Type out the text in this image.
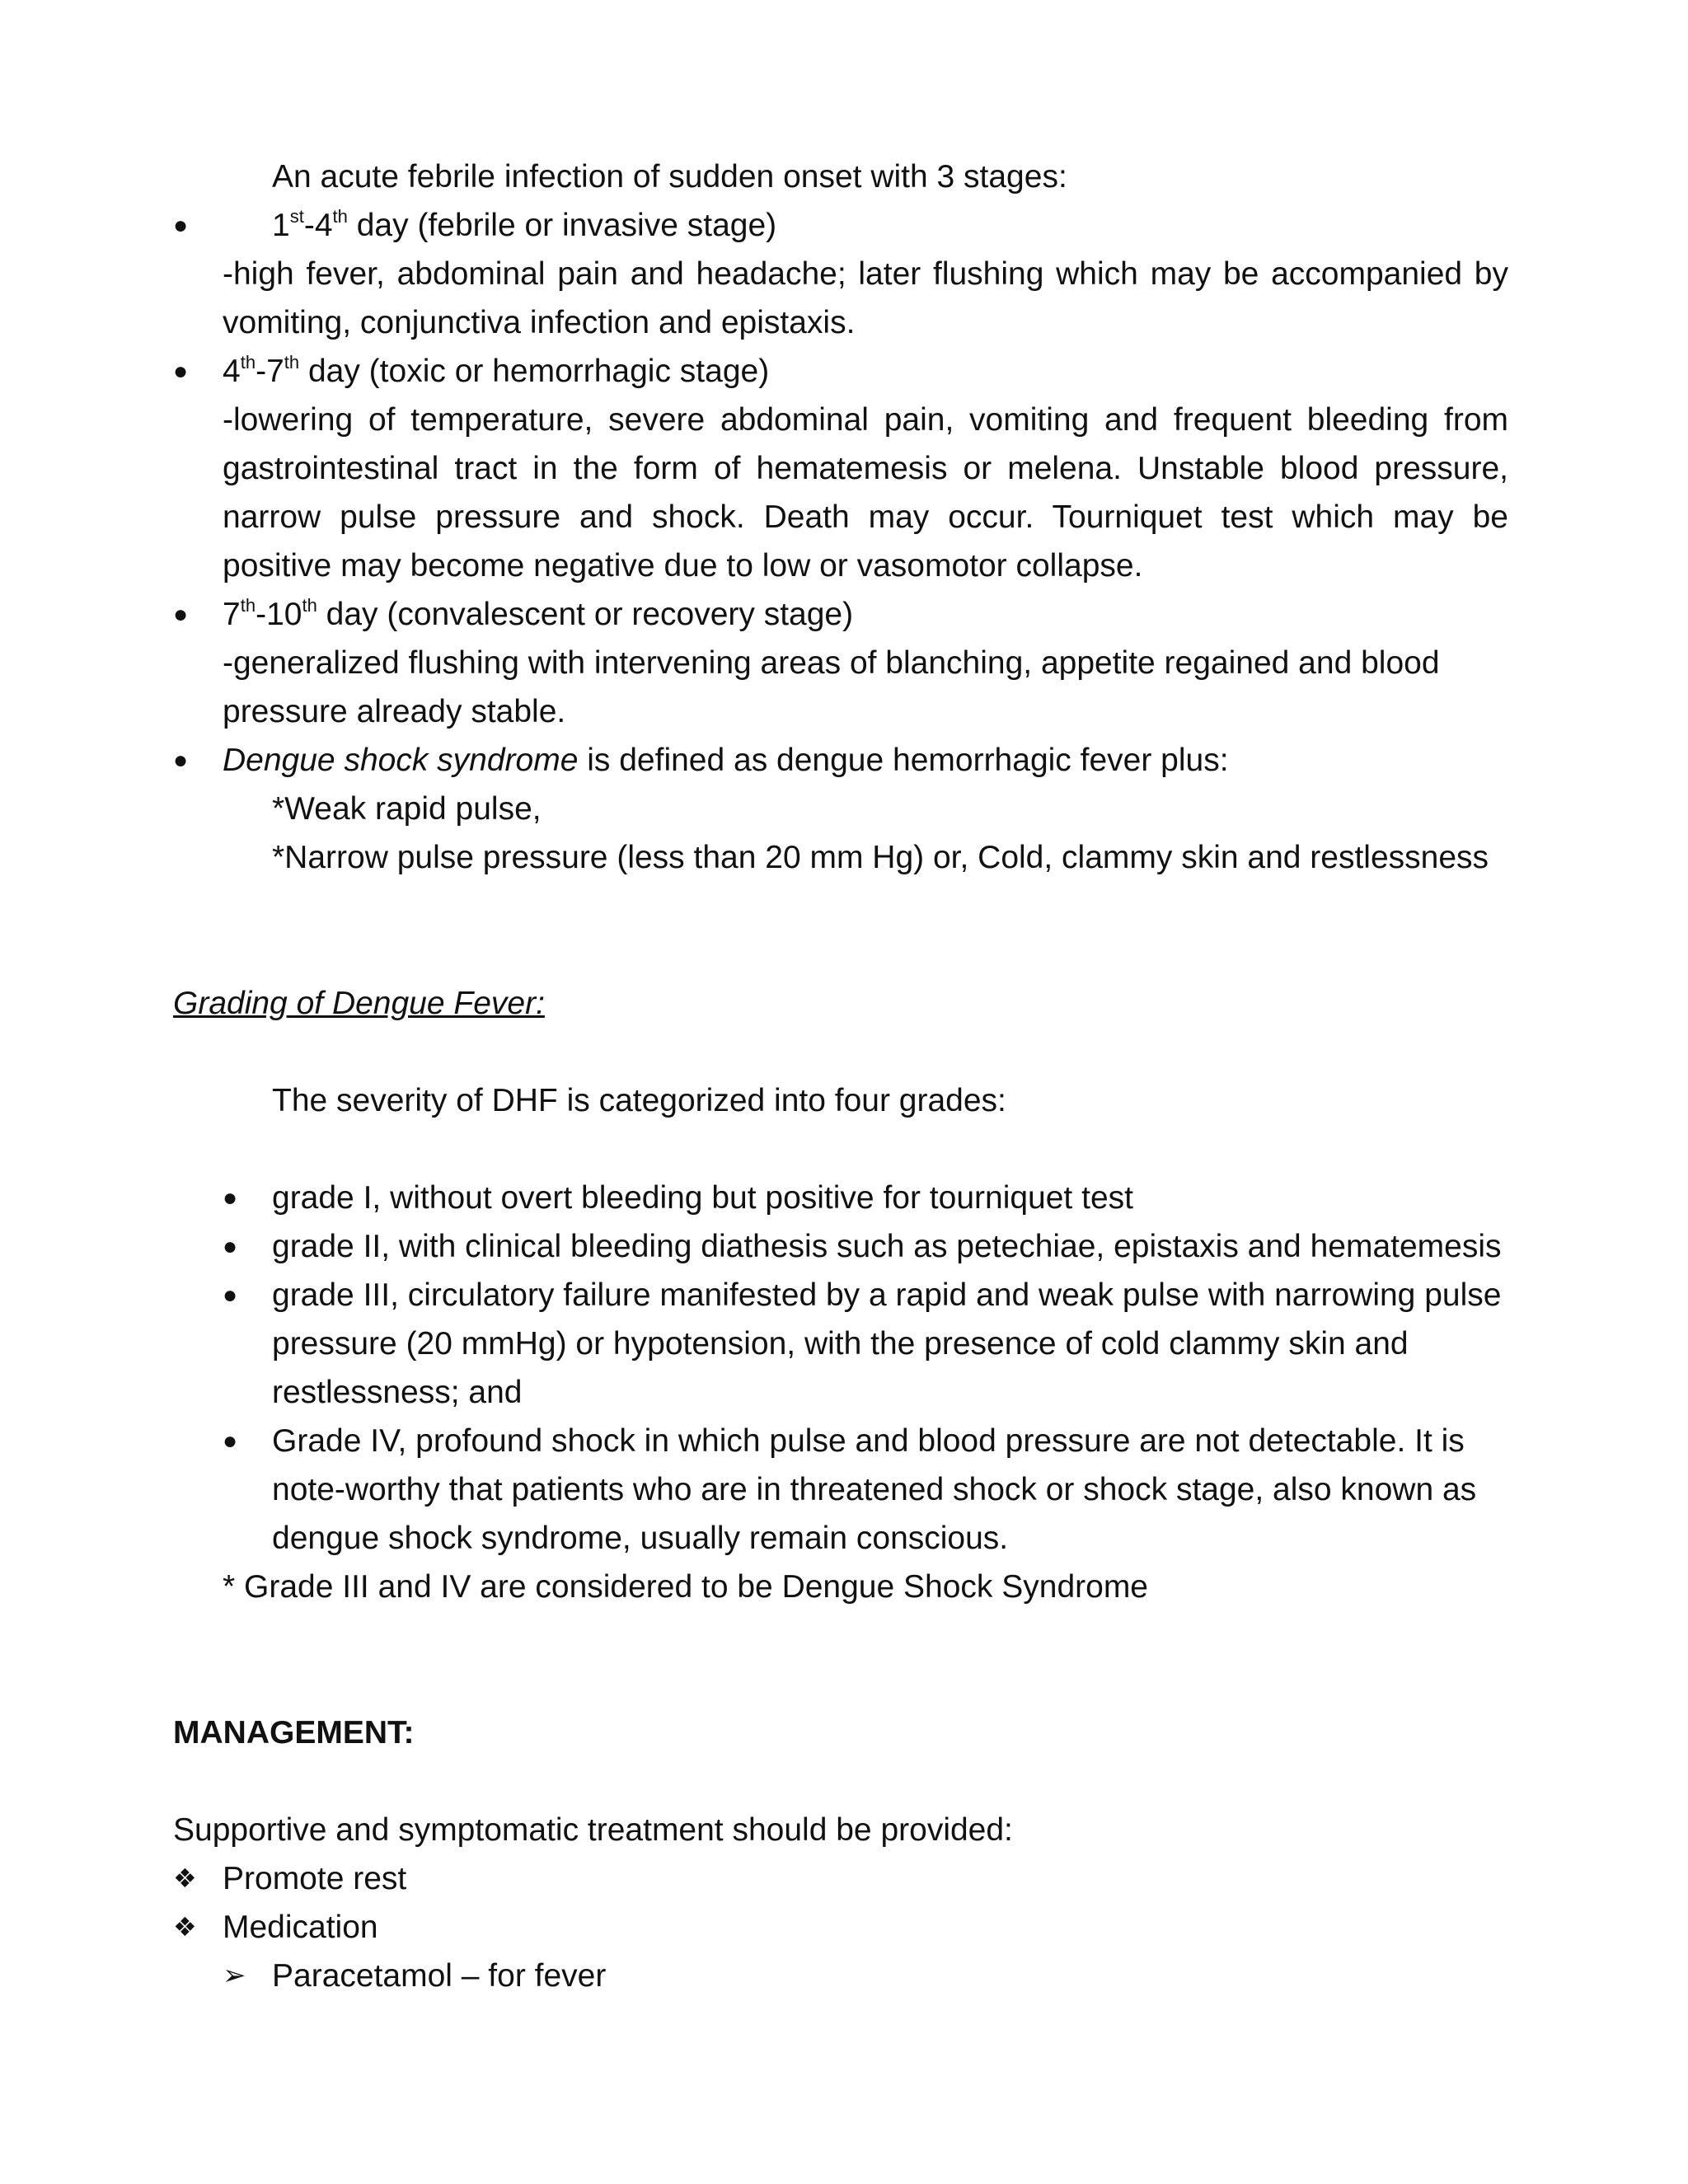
An acute febrile infection of sudden onset with 3 stages:
●	1st-4th day (febrile or invasive stage)
-high fever, abdominal pain and headache; later flushing which may be accompanied by
vomiting, conjunctiva infection and epistaxis.
● 4th-7th day (toxic or hemorrhagic stage)
-lowering of temperature, severe abdominal pain, vomiting and frequent bleeding from
gastrointestinal tract in the form of hematemesis or melena. Unstable blood pressure,
narrow pulse pressure and shock. Death may occur. Tourniquet test which may be
positive may become negative due to low or vasomotor collapse.
● 7th-10th day (convalescent or recovery stage)
-generalized flushing with intervening areas of blanching, appetite regained and blood
pressure already stable.
● Dengue shock syndrome is defined as dengue hemorrhagic fever plus:
*Weak rapid pulse,
*Narrow pulse pressure (less than 20 mm Hg) or, Cold, clammy skin and restlessness
Grading of Dengue Fever:
The severity of DHF is categorized into four grades:
● grade I, without overt bleeding but positive for tourniquet test
● grade II, with clinical bleeding diathesis such as petechiae, epistaxis and hematemesis
● grade III, circulatory failure manifested by a rapid and weak pulse with narrowing pulse
pressure (20 mmHg) or hypotension, with the presence of cold clammy skin and
restlessness; and
● Grade IV, profound shock in which pulse and blood pressure are not detectable. It is
note-worthy that patients who are in threatened shock or shock stage, also known as
dengue shock syndrome, usually remain conscious.
* Grade III and IV are considered to be Dengue Shock Syndrome
MANAGEMENT:
Supportive and symptomatic treatment should be provided:
❖ Promote rest
❖ Medication
➢ Paracetamol – for fever
